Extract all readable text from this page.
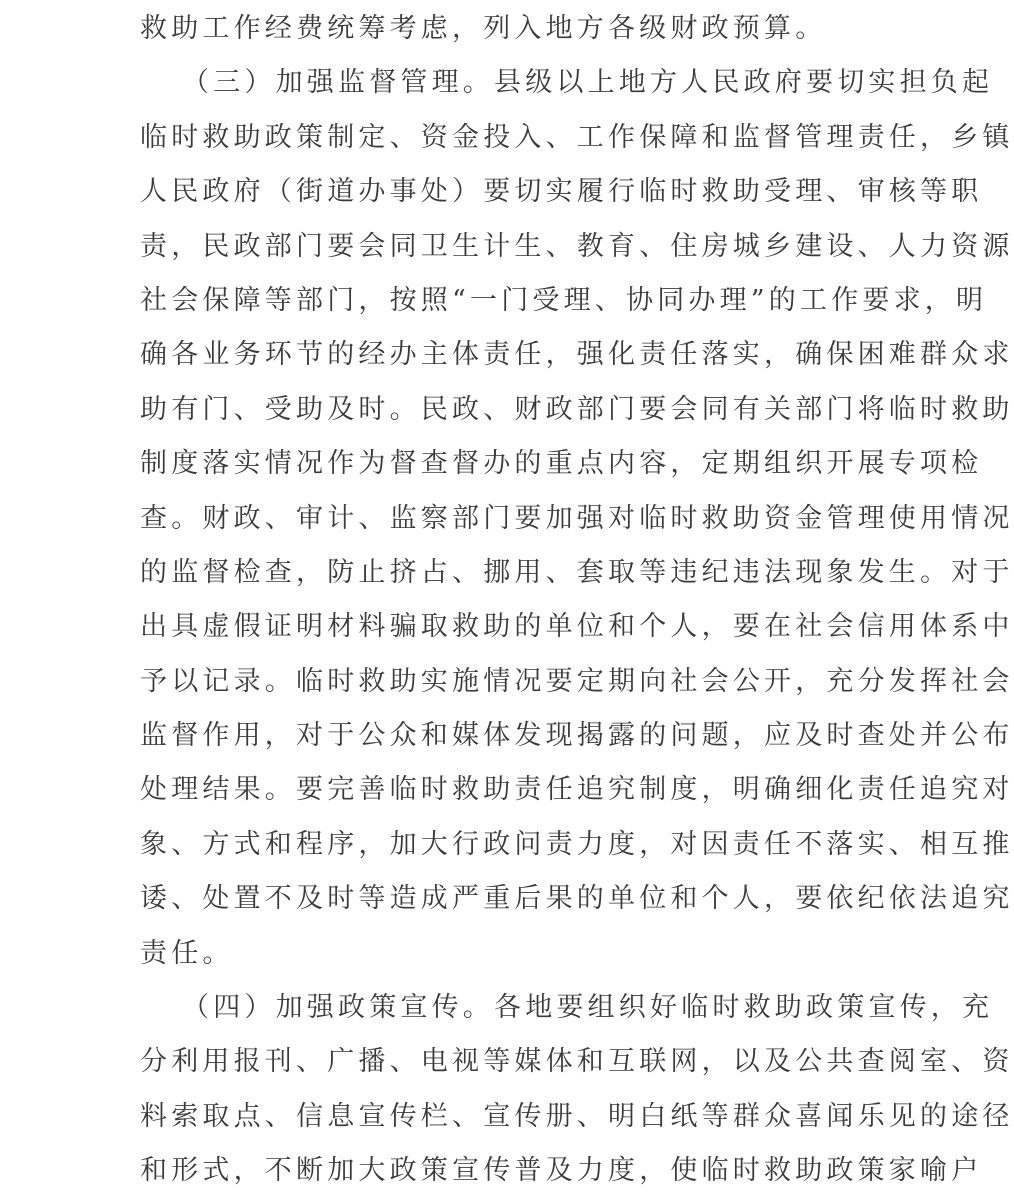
救助工作经费统筹考虑，列入地方各级财政预算。
（三）加强监督管理。县级以上地方人民政府要切实担负起
临时救助政策制定、资金投入、工作保障和监督管理责任，乡镇
人民政府（街道办事处）要切实履行临时救助受理、审核等职
责，民政部门要会同卫生计生、教育、住房城乡建设、人力资源
社会保障等部门，按照“一门受理、协同办理”的工作要求，明
确各业务环节的经办主体责任，强化责任落实，确保困难群众求
助有门、受助及时。民政、财政部门要会同有关部门将临时救助
制度落实情况作为督查督办的重点内容，定期组织开展专项检
查。财政、审计、监察部门要加强对临时救助资金管理使用情况
的监督检查，防止挤占、挪用、套取等违纪违法现象发生。对于
出具虚假证明材料骗取救助的单位和个人，要在社会信用体系中
予以记录。临时救助实施情况要定期向社会公开，充分发挥社会
监督作用，对于公众和媒体发现揭露的问题，应及时查处并公布
处理结果。要完善临时救助责任追究制度，明确细化责任追究对
象、方式和程序，加大行政问责力度，对因责任不落实、相互推
诿、处置不及时等造成严重后果的单位和个人，要依纪依法追究
责任。
（四）加强政策宣传。各地要组织好临时救助政策宣传，充
分利用报刊、广播、电视等媒体和互联网，以及公共查阅室、资
料索取点、信息宣传栏、宣传册、明白纸等群众喜闻乐见的途径
和形式，不断加大政策宣传普及力度，使临时救助政策家喻户
